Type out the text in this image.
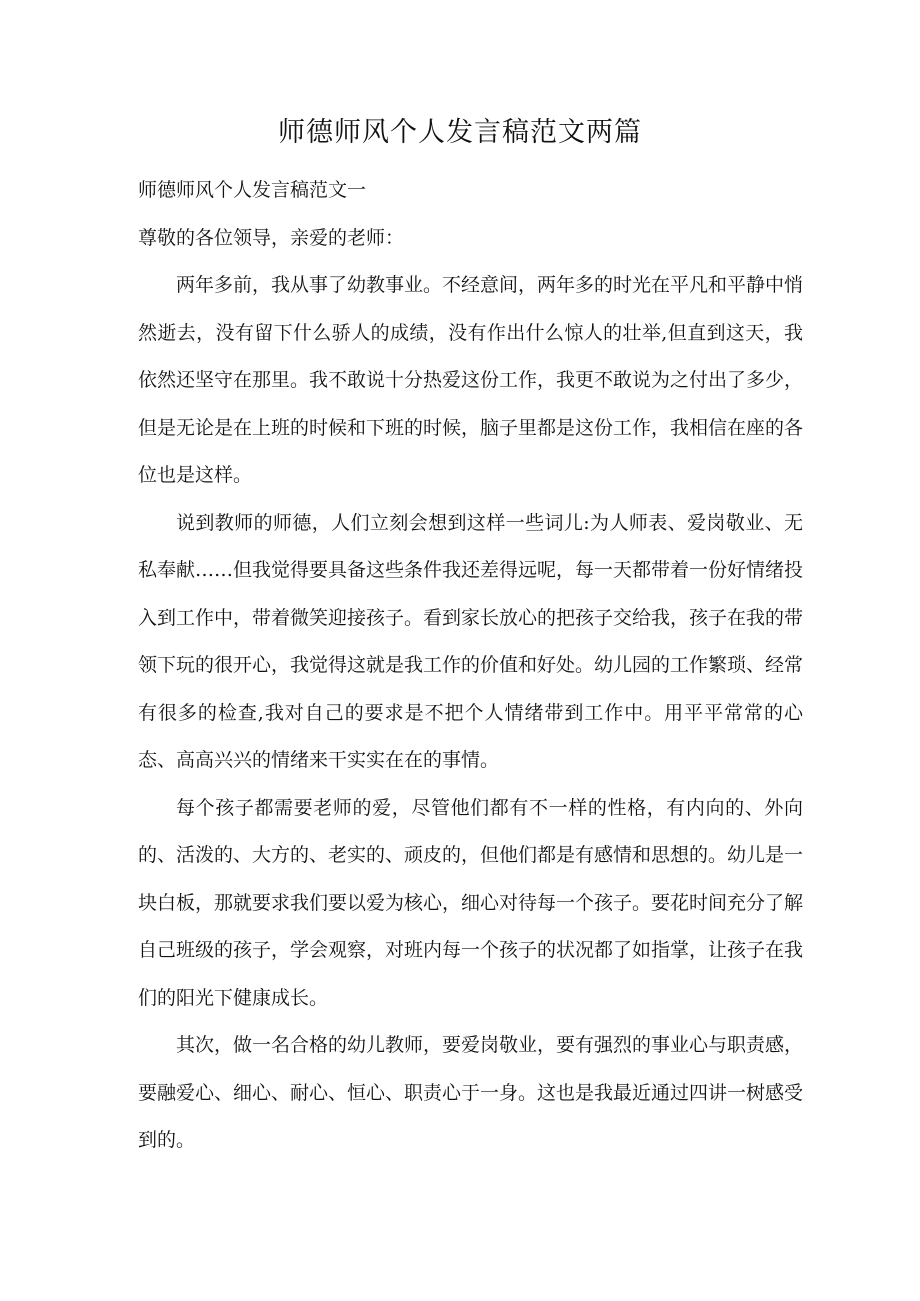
师德师风个人发言稿范文两篇

师德师风个人发言稿范文一

尊敬的各位领导，亲爱的老师：

两年多前，我从事了幼教事业。不经意间，两年多的时光在平凡和平静中悄然逝去，没有留下什么骄人的成绩，没有作出什么惊人的壮举,但直到这天，我依然还坚守在那里。我不敢说十分热爱这份工作，我更不敢说为之付出了多少，但是无论是在上班的时候和下班的时候，脑子里都是这份工作，我相信在座的各位也是这样。

说到教师的师德，人们立刻会想到这样一些词儿:为人师表、爱岗敬业、无私奉献……但我觉得要具备这些条件我还差得远呢，每一天都带着一份好情绪投入到工作中，带着微笑迎接孩子。看到家长放心的把孩子交给我，孩子在我的带领下玩的很开心，我觉得这就是我工作的价值和好处。幼儿园的工作繁琐、经常有很多的检查,我对自己的要求是不把个人情绪带到工作中。用平平常常的心态、高高兴兴的情绪来干实实在在的事情。

每个孩子都需要老师的爱，尽管他们都有不一样的性格，有内向的、外向的、活泼的、大方的、老实的、顽皮的，但他们都是有感情和思想的。幼儿是一块白板，那就要求我们要以爱为核心，细心对待每一个孩子。要花时间充分了解自己班级的孩子，学会观察，对班内每一个孩子的状况都了如指掌，让孩子在我们的阳光下健康成长。

其次，做一名合格的幼儿教师，要爱岗敬业，要有强烈的事业心与职责感，要融爱心、细心、耐心、恒心、职责心于一身。这也是我最近通过四讲一树感受到的。
